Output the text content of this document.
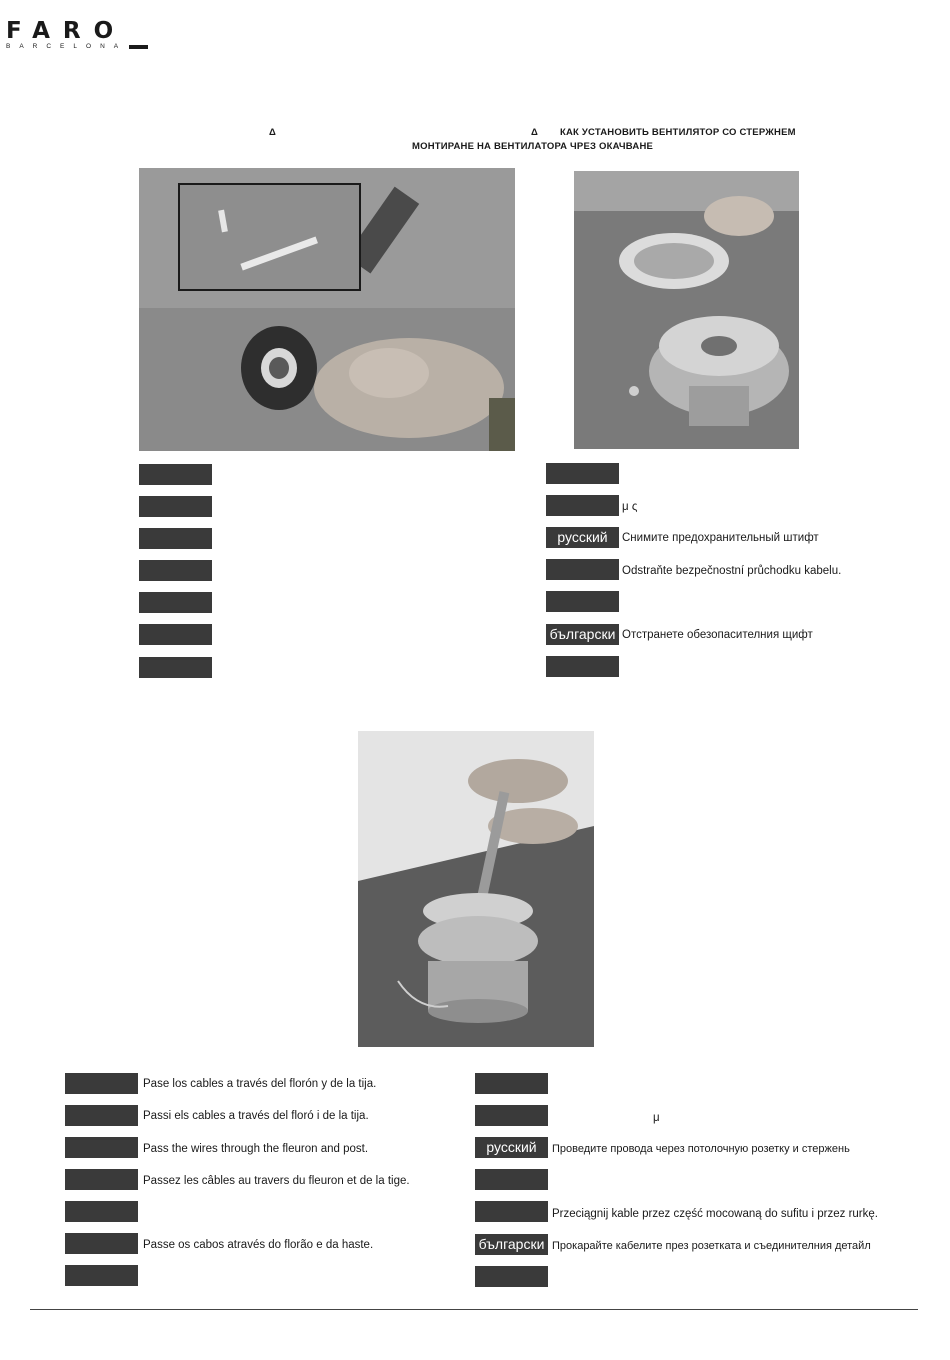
FARO
BARCELONA
Δ	Δ КАК УСТАНОВИТЬ ВЕНТИЛЯТОР СО СТЕРЖНЕМ
МОНТИРАНЕ НА ВЕНТИЛАТОРА ЧРЕЗ ОКАЧВАНЕ
русский
български
μ ς
Снимите предохранительный штифт
Odstraňte bezpečnostní průchodku kabelu.
Отстранете обезопасителния щифт
Pase los cables a través del florón y de la tija.
Passi els cables a través del floró i de la tija.
Pass the wires through the fleuron and post.
Passez les câbles au travers du fleuron et de la tige.
Passe os cabos através do florão e da haste.
русский
български
μ
Проведите провода через потолочную розетку и стержень
Przeciągnij kable przez część mocowaną do sufitu i przez rurkę.
Прокарайте кабелите през розетката и съединителния детайл
